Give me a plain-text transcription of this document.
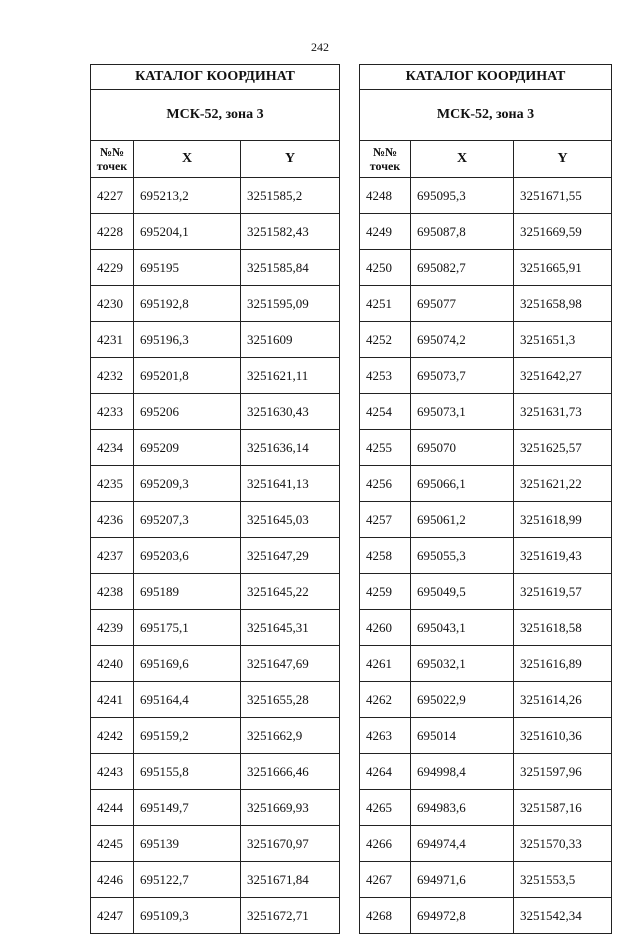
242
КАТАЛОГ КООРДИНАТ		
МСК-52, зона 3		
№№
точек	X	Y
4227	695213,2	3251585,2
4228	695204,1	3251582,43
4229	695195	3251585,84
4230	695192,8	3251595,09
4231	695196,3	3251609
4232	695201,8	3251621,11
4233	695206	3251630,43
4234	695209	3251636,14
4235	695209,3	3251641,13
4236	695207,3	3251645,03
4237	695203,6	3251647,29
4238	695189	3251645,22
4239	695175,1	3251645,31
4240	695169,6	3251647,69
4241	695164,4	3251655,28
4242	695159,2	3251662,9
4243	695155,8	3251666,46
4244	695149,7	3251669,93
4245	695139	3251670,97
4246	695122,7	3251671,84
4247	695109,3	3251672,71
КАТАЛОГ КООРДИНАТ		
МСК-52, зона 3		
№№
точек	X	Y
4248	695095,3	3251671,55
4249	695087,8	3251669,59
4250	695082,7	3251665,91
4251	695077	3251658,98
4252	695074,2	3251651,3
4253	695073,7	3251642,27
4254	695073,1	3251631,73
4255	695070	3251625,57
4256	695066,1	3251621,22
4257	695061,2	3251618,99
4258	695055,3	3251619,43
4259	695049,5	3251619,57
4260	695043,1	3251618,58
4261	695032,1	3251616,89
4262	695022,9	3251614,26
4263	695014	3251610,36
4264	694998,4	3251597,96
4265	694983,6	3251587,16
4266	694974,4	3251570,33
4267	694971,6	3251553,5
4268	694972,8	3251542,34
